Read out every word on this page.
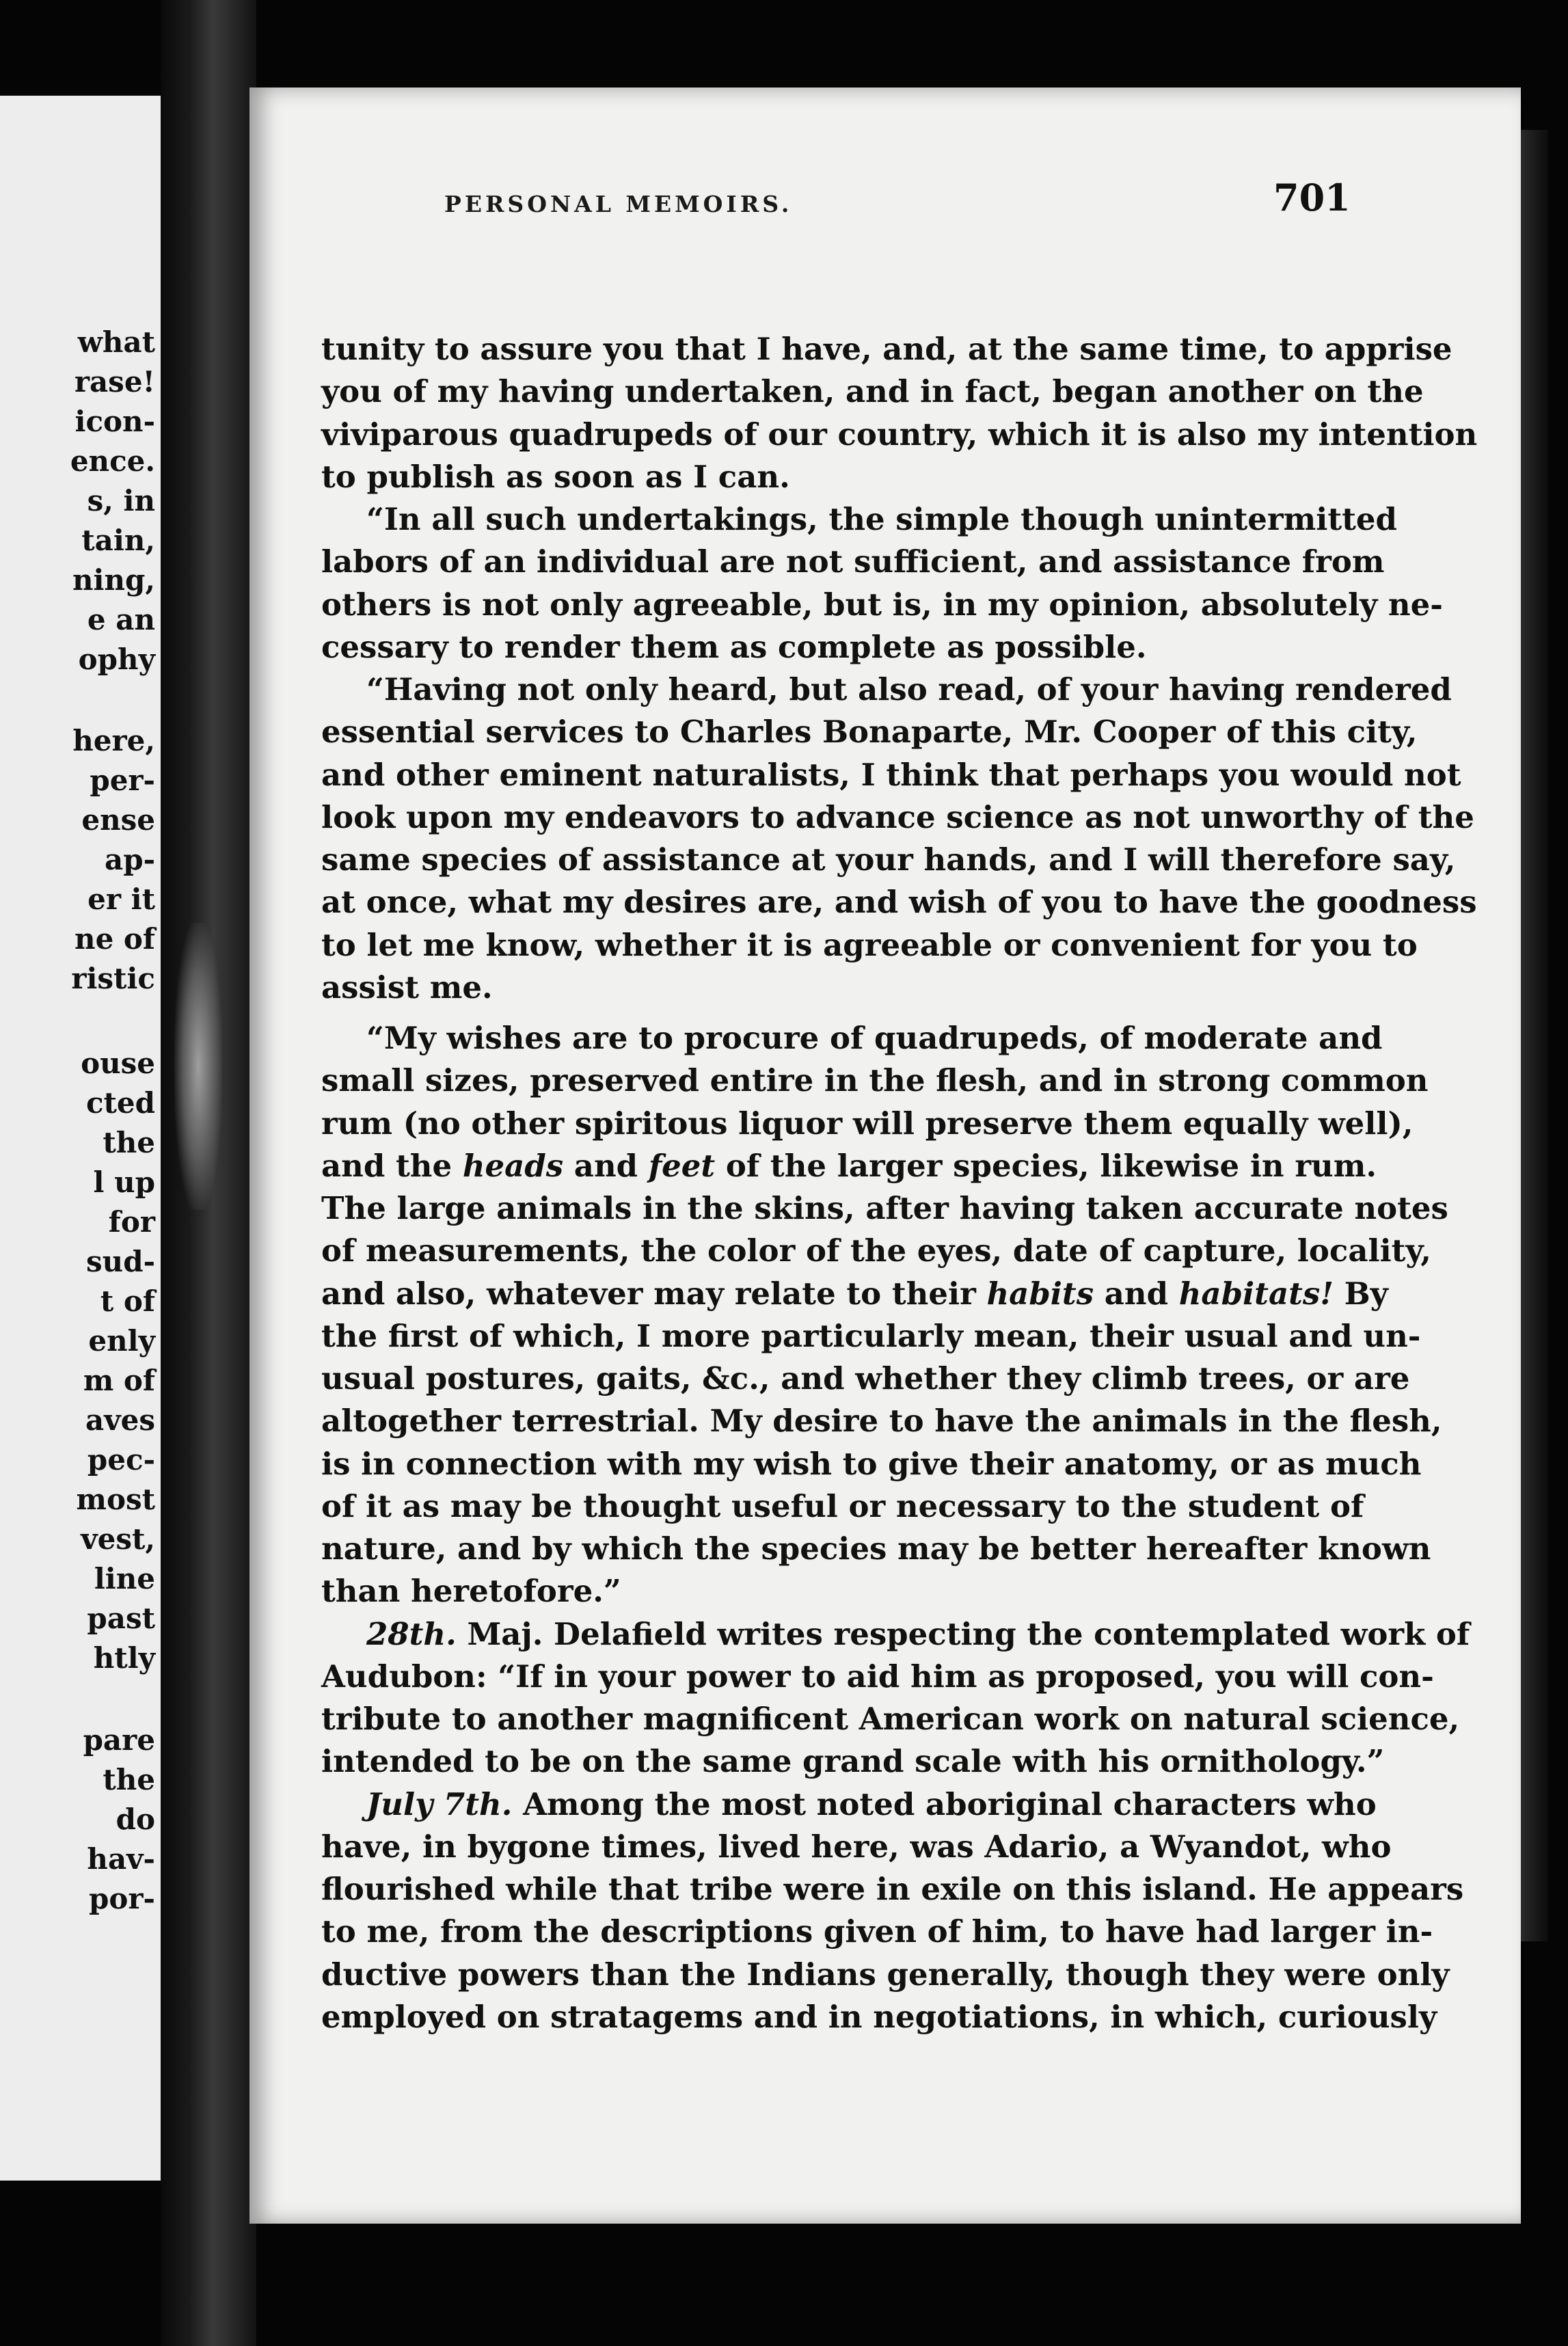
what
rase!
icon-
ence.
s, in
tain,
ning,
e an
ophy
here,
per-
ense
ap-
er it
ne of
ristic
ouse
cted
the
l up
for
sud-
t of
enly
m of
aves
pec-
most
vest,
line
past
htly
pare
the
do
hav-
por-
PERSONAL MEMOIRS.	701
tunity to assure you that I have, and, at the same time, to apprise
you of my having undertaken, and in fact, began another on the
viviparous quadrupeds of our country, which it is also my intention
to publish as soon as I can.
“In all such undertakings, the simple though unintermitted
labors of an individual are not sufficient, and assistance from
others is not only agreeable, but is, in my opinion, absolutely ne-
cessary to render them as complete as possible.
“Having not only heard, but also read, of your having rendered
essential services to Charles Bonaparte, Mr. Cooper of this city,
and other eminent naturalists, I think that perhaps you would not
look upon my endeavors to advance science as not unworthy of the
same species of assistance at your hands, and I will therefore say,
at once, what my desires are, and wish of you to have the goodness
to let me know, whether it is agreeable or convenient for you to
assist me.
“My wishes are to procure of quadrupeds, of moderate and
small sizes, preserved entire in the flesh, and in strong common
rum (no other spiritous liquor will preserve them equally well),
and the heads and feet of the larger species, likewise in rum.
The large animals in the skins, after having taken accurate notes
of measurements, the color of the eyes, date of capture, locality,
and also, whatever may relate to their habits and habitats! By
the first of which, I more particularly mean, their usual and un-
usual postures, gaits, &c., and whether they climb trees, or are
altogether terrestrial. My desire to have the animals in the flesh,
is in connection with my wish to give their anatomy, or as much
of it as may be thought useful or necessary to the student of
nature, and by which the species may be better hereafter known
than heretofore.”
28th. Maj. Delafield writes respecting the contemplated work of
Audubon: “If in your power to aid him as proposed, you will con-
tribute to another magnificent American work on natural science,
intended to be on the same grand scale with his ornithology.”
July 7th. Among the most noted aboriginal characters who
have, in bygone times, lived here, was Adario, a Wyandot, who
flourished while that tribe were in exile on this island. He appears
to me, from the descriptions given of him, to have had larger in-
ductive powers than the Indians generally, though they were only
employed on stratagems and in negotiations, in which, curiously
